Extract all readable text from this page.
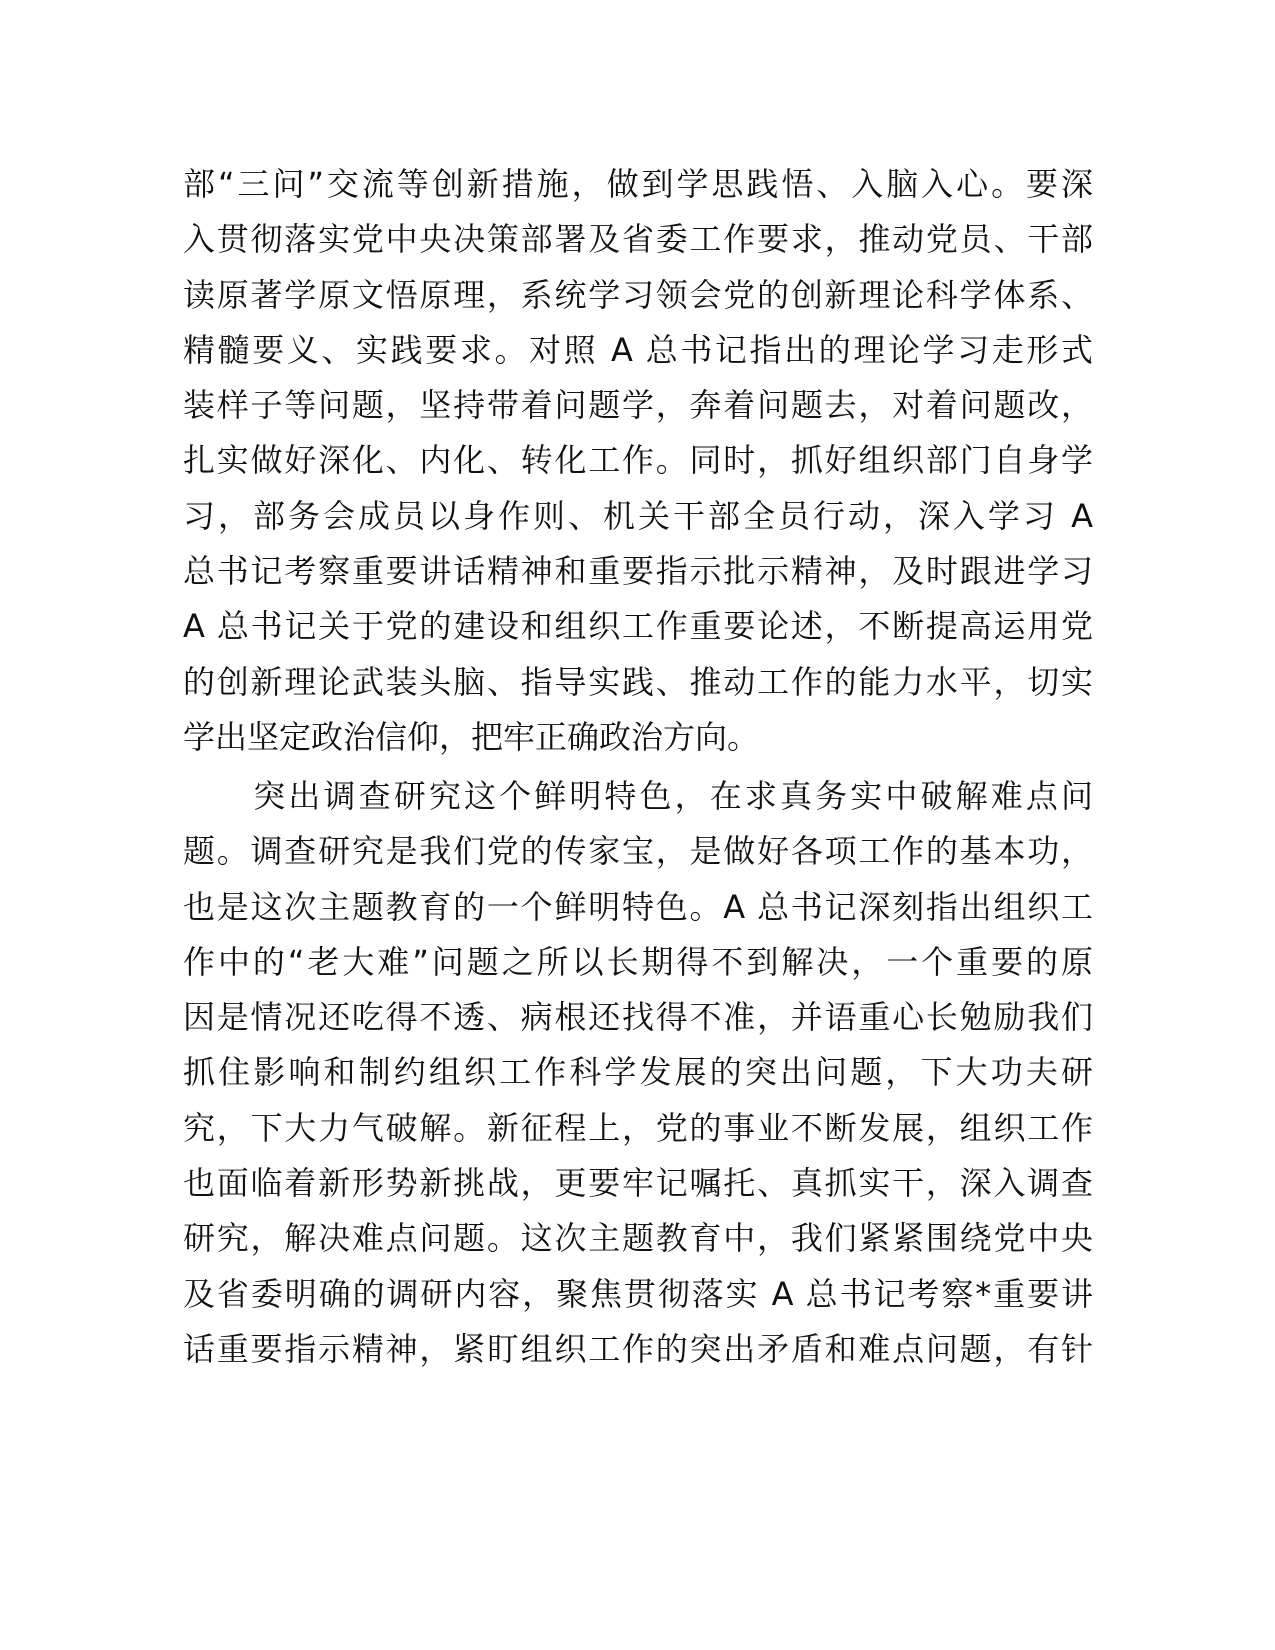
部“三问”交流等创新措施，做到学思践悟、入脑入心。要深
入贯彻落实党中央决策部署及省委工作要求，推动党员、干部
读原著学原文悟原理，系统学习领会党的创新理论科学体系、
精髓要义、实践要求。对照 A 总书记指出的理论学习走形式
装样子等问题，坚持带着问题学，奔着问题去，对着问题改，
扎实做好深化、内化、转化工作。同时，抓好组织部门自身学
习，部务会成员以身作则、机关干部全员行动，深入学习 A
总书记考察重要讲话精神和重要指示批示精神，及时跟进学习
A 总书记关于党的建设和组织工作重要论述，不断提高运用党
的创新理论武装头脑、指导实践、推动工作的能力水平，切实
学出坚定政治信仰，把牢正确政治方向。
　　突出调查研究这个鲜明特色，在求真务实中破解难点问
题。调查研究是我们党的传家宝，是做好各项工作的基本功，
也是这次主题教育的一个鲜明特色。A 总书记深刻指出组织工
作中的“老大难”问题之所以长期得不到解决，一个重要的原
因是情况还吃得不透、病根还找得不准，并语重心长勉励我们
抓住影响和制约组织工作科学发展的突出问题，下大功夫研
究，下大力气破解。新征程上，党的事业不断发展，组织工作
也面临着新形势新挑战，更要牢记嘱托、真抓实干，深入调查
研究，解决难点问题。这次主题教育中，我们紧紧围绕党中央
及省委明确的调研内容，聚焦贯彻落实 A 总书记考察*重要讲
话重要指示精神，紧盯组织工作的突出矛盾和难点问题，有针
